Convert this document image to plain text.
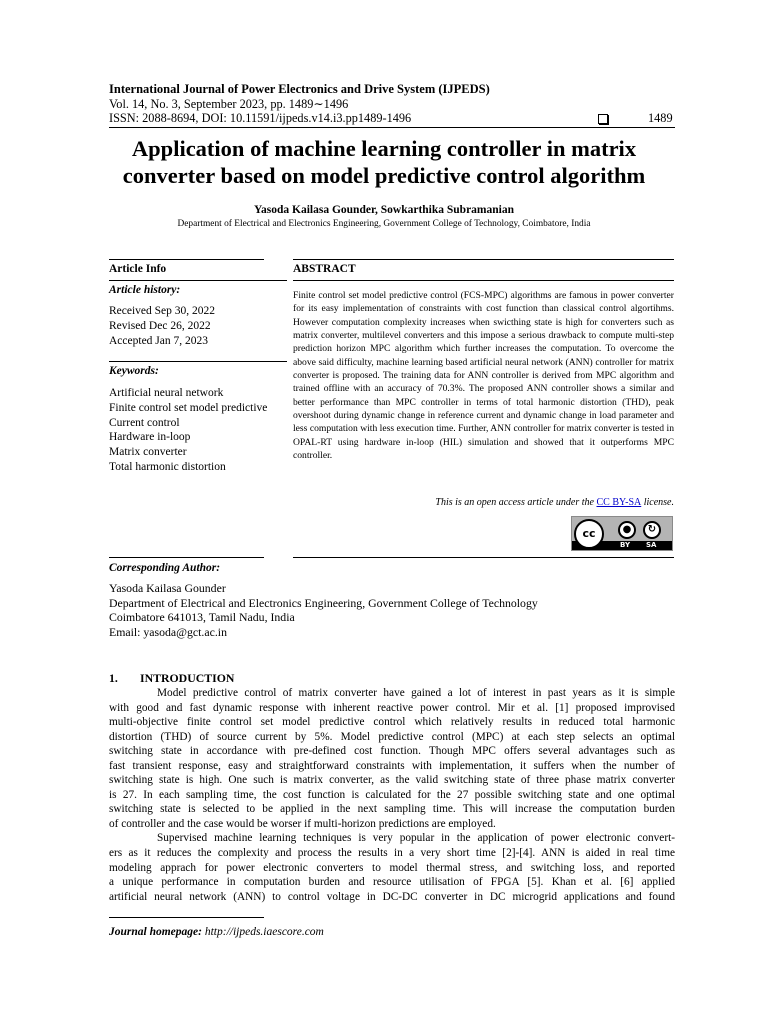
International Journal of Power Electronics and Drive System (IJPEDS)
Vol. 14, No. 3, September 2023, pp. 1489∼1496
ISSN: 2088-8694, DOI: 10.11591/ijpeds.v14.i3.pp1489-1496	1489
Application of machine learning controller in matrix
converter based on model predictive control algorithm
Yasoda Kailasa Gounder, Sowkarthika Subramanian
Department of Electrical and Electronics Engineering, Government College of Technology, Coimbatore, India
Article Info
Article history:
Received Sep 30, 2022
Revised Dec 26, 2022
Accepted Jan 7, 2023
Keywords:
Artificial neural network
Finite control set model predictive
Current control
Hardware in-loop
Matrix converter
Total harmonic distortion
ABSTRACT
Finite control set model predictive control (FCS-MPC) algorithms are famous in power converter for its easy implementation of constraints with cost function than classical control algortihms. However computation complexity increases when swicthing state is high for converters such as matrix converter, multilevel converters and this impose a serious drawback to compute multi-step prediction horizon MPC algorithm which further increases the computation. To overcome the above said difficulty, machine learning based artificial neural network (ANN) controller for matrix converter is proposed. The training data for ANN controller is derived from MPC algorithm and trained offline with an accuracy of 70.3%. The proposed ANN controller shows a similar and better performance than MPC controller in terms of total harmonic distortion (THD), peak overshoot during dynamic change in reference current and dynamic change in load parameter and less computation with less execution time. Further, ANN controller for matrix converter is tested in OPAL-RT using hardware in-loop (HIL) simulation and showed that it outperforms MPC controller.
This is an open access article under the CC BY-SA license.
cc	●	↻
BY SA
Corresponding Author:
Yasoda Kailasa Gounder
Department of Electrical and Electronics Engineering, Government College of Technology
Coimbatore 641013, Tamil Nadu, India
Email: yasoda@gct.ac.in
1. INTRODUCTION
Model predictive control of matrix converter have gained a lot of interest in past years as it is simple
with good and fast dynamic response with inherent reactive power control. Mir et al. [1] proposed improvised
multi-objective finite control set model predictive control which relatively results in reduced total harmonic
distortion (THD) of source current by 5%. Model predictive control (MPC) at each step selects an optimal
switching state in accordance with pre-defined cost function. Though MPC offers several advantages such as
fast transient response, easy and straightforward constraints with implementation, it suffers when the number of
switching state is high. One such is matrix converter, as the valid switching state of three phase matrix converter
is 27. In each sampling time, the cost function is calculated for the 27 possible switching state and one optimal
switching state is selected to be applied in the next sampling time. This will increase the computation burden
of controller and the case would be worser if multi-horizon predictions are employed.
Supervised machine learning techniques is very popular in the application of power electronic convert-
ers as it reduces the complexity and process the results in a very short time [2]-[4]. ANN is aided in real time
modeling apprach for power electronic converters to model thermal stress, and switching loss, and reported
a unique performance in computation burden and resource utilisation of FPGA [5]. Khan et al. [6] applied
artificial neural network (ANN) to control voltage in DC-DC converter in DC microgrid applications and found
Journal homepage: http://ijpeds.iaescore.com
